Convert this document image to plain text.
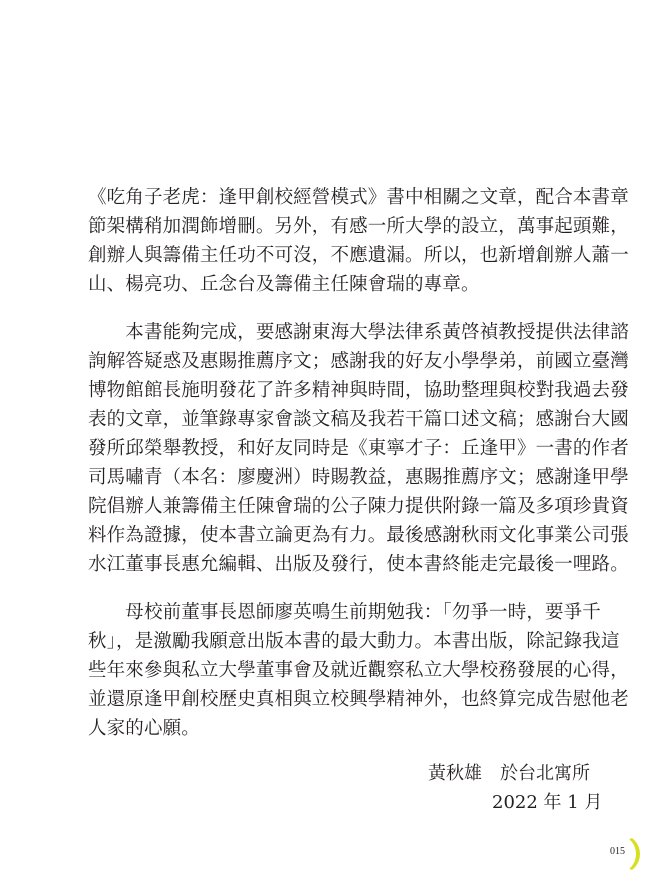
《吃角子老虎：逢甲創校經營模式》書中相關之文章，配合本書章
節架構稍加潤飾增刪。另外，有感一所大學的設立，萬事起頭難，
創辦人與籌備主任功不可沒，不應遺漏。所以，也新增創辦人蕭一
山、楊亮功、丘念台及籌備主任陳會瑞的專章。
　　本書能夠完成，要感謝東海大學法律系黃啓禎教授提供法律諮
詢解答疑惑及惠賜推薦序文；感謝我的好友小學學弟，前國立臺灣
博物館館長施明發花了許多精神與時間，協助整理與校對我過去發
表的文章，並筆錄專家會談文稿及我若干篇口述文稿；感謝台大國
發所邱榮舉教授，和好友同時是《東寧才子：丘逢甲》一書的作者
司馬嘯青（本名：廖慶洲）時賜教益，惠賜推薦序文；感謝逢甲學
院倡辦人兼籌備主任陳會瑞的公子陳力提供附錄一篇及多項珍貴資
料作為證據，使本書立論更為有力。最後感謝秋雨文化事業公司張
水江董事長惠允編輯、出版及發行，使本書終能走完最後一哩路。
　　母校前董事長恩師廖英鳴生前期勉我：「勿爭一時，要爭千
秋」，是激勵我願意出版本書的最大動力。本書出版，除記錄我這
些年來參與私立大學董事會及就近觀察私立大學校務發展的心得，
並還原逢甲創校歷史真相與立校興學精神外，也終算完成告慰他老
人家的心願。
黃秋雄　於台北寓所
2022 年 1 月
015
